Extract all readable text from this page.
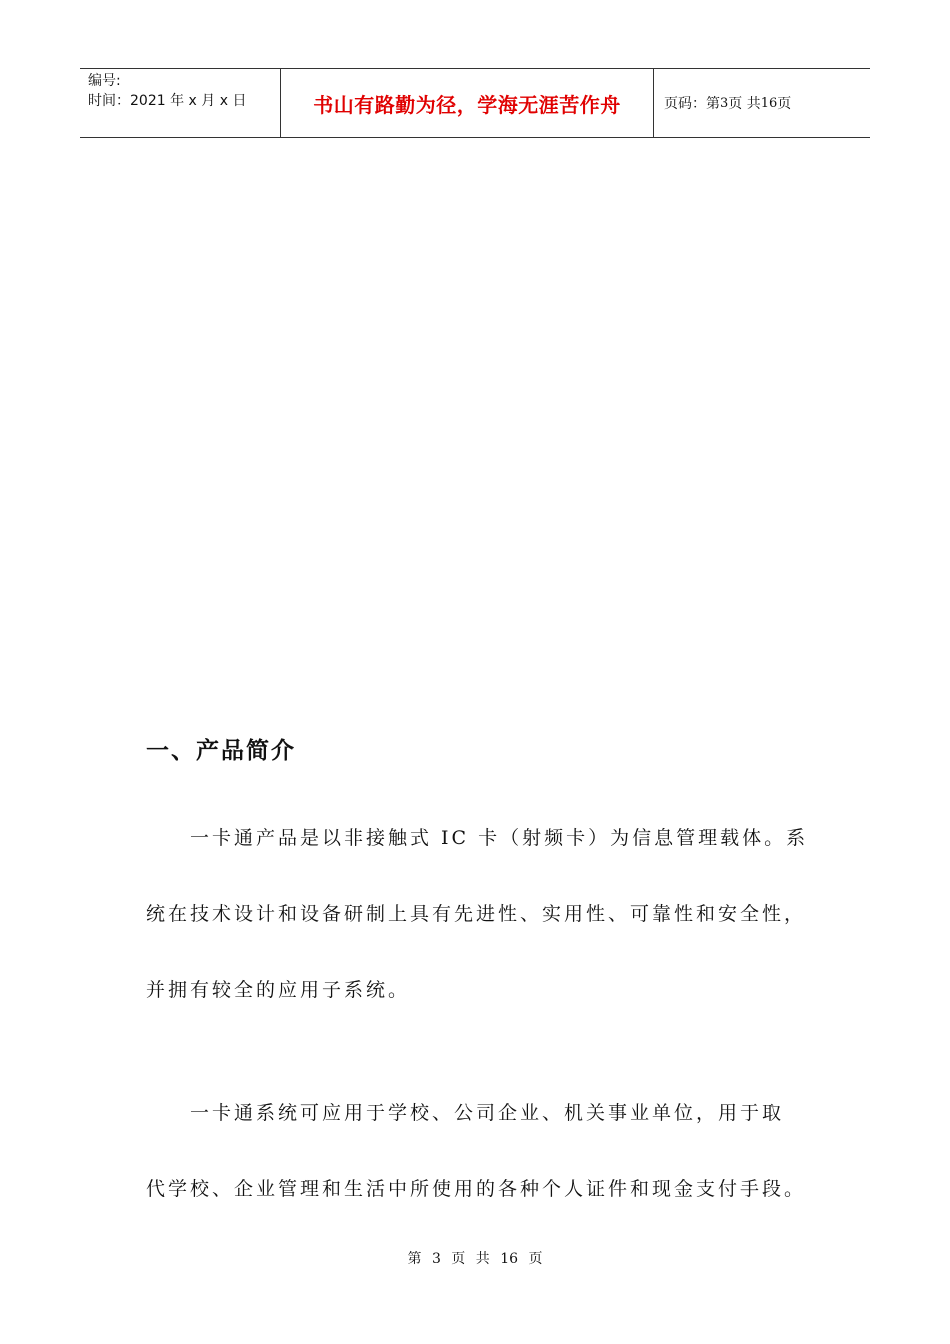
编号:
时间：2021 年 x 月 x 日	书山有路勤为径，学海无涯苦作舟	页码：第 3 页 共 16 页
一、产品简介
一卡通产品是以非接触式 IC 卡（射频卡）为信息管理载体。系
统在技术设计和设备研制上具有先进性、实用性、可靠性和安全性，
并拥有较全的应用子系统。
一卡通系统可应用于学校、公司企业、机关事业单位，用于取
代学校、企业管理和生活中所使用的各种个人证件和现金支付手段。
第 3 页 共 16 页
